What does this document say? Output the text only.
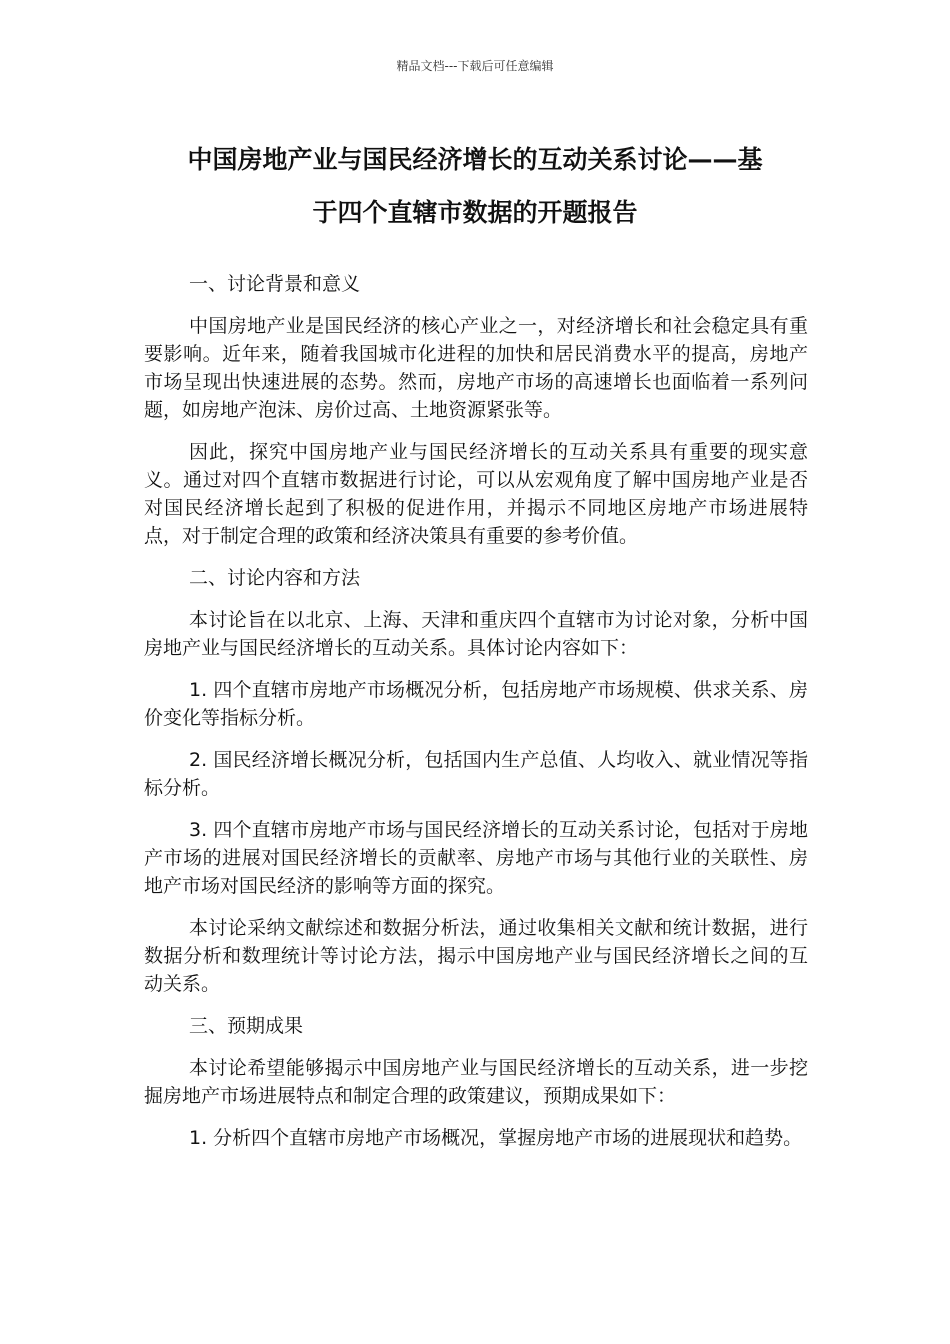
精品文档---下载后可任意编辑
中国房地产业与国民经济增长的互动关系讨论——基
于四个直辖市数据的开题报告

一、讨论背景和意义

中国房地产业是国民经济的核心产业之一，对经济增长和社会稳定具有重要影响。近年来，随着我国城市化进程的加快和居民消费水平的提高，房地产市场呈现出快速进展的态势。然而，房地产市场的高速增长也面临着一系列问题，如房地产泡沫、房价过高、土地资源紧张等。

因此，探究中国房地产业与国民经济增长的互动关系具有重要的现实意义。通过对四个直辖市数据进行讨论，可以从宏观角度了解中国房地产业是否对国民经济增长起到了积极的促进作用，并揭示不同地区房地产市场进展特点，对于制定合理的政策和经济决策具有重要的参考价值。

二、讨论内容和方法

本讨论旨在以北京、上海、天津和重庆四个直辖市为讨论对象，分析中国房地产业与国民经济增长的互动关系。具体讨论内容如下：

1. 四个直辖市房地产市场概况分析，包括房地产市场规模、供求关系、房价变化等指标分析。

2. 国民经济增长概况分析，包括国内生产总值、人均收入、就业情况等指标分析。

3. 四个直辖市房地产市场与国民经济增长的互动关系讨论，包括对于房地产市场的进展对国民经济增长的贡献率、房地产市场与其他行业的关联性、房地产市场对国民经济的影响等方面的探究。

本讨论采纳文献综述和数据分析法，通过收集相关文献和统计数据，进行数据分析和数理统计等讨论方法，揭示中国房地产业与国民经济增长之间的互动关系。

三、预期成果

本讨论希望能够揭示中国房地产业与国民经济增长的互动关系，进一步挖掘房地产市场进展特点和制定合理的政策建议，预期成果如下：

1. 分析四个直辖市房地产市场概况，掌握房地产市场的进展现状和趋势。
